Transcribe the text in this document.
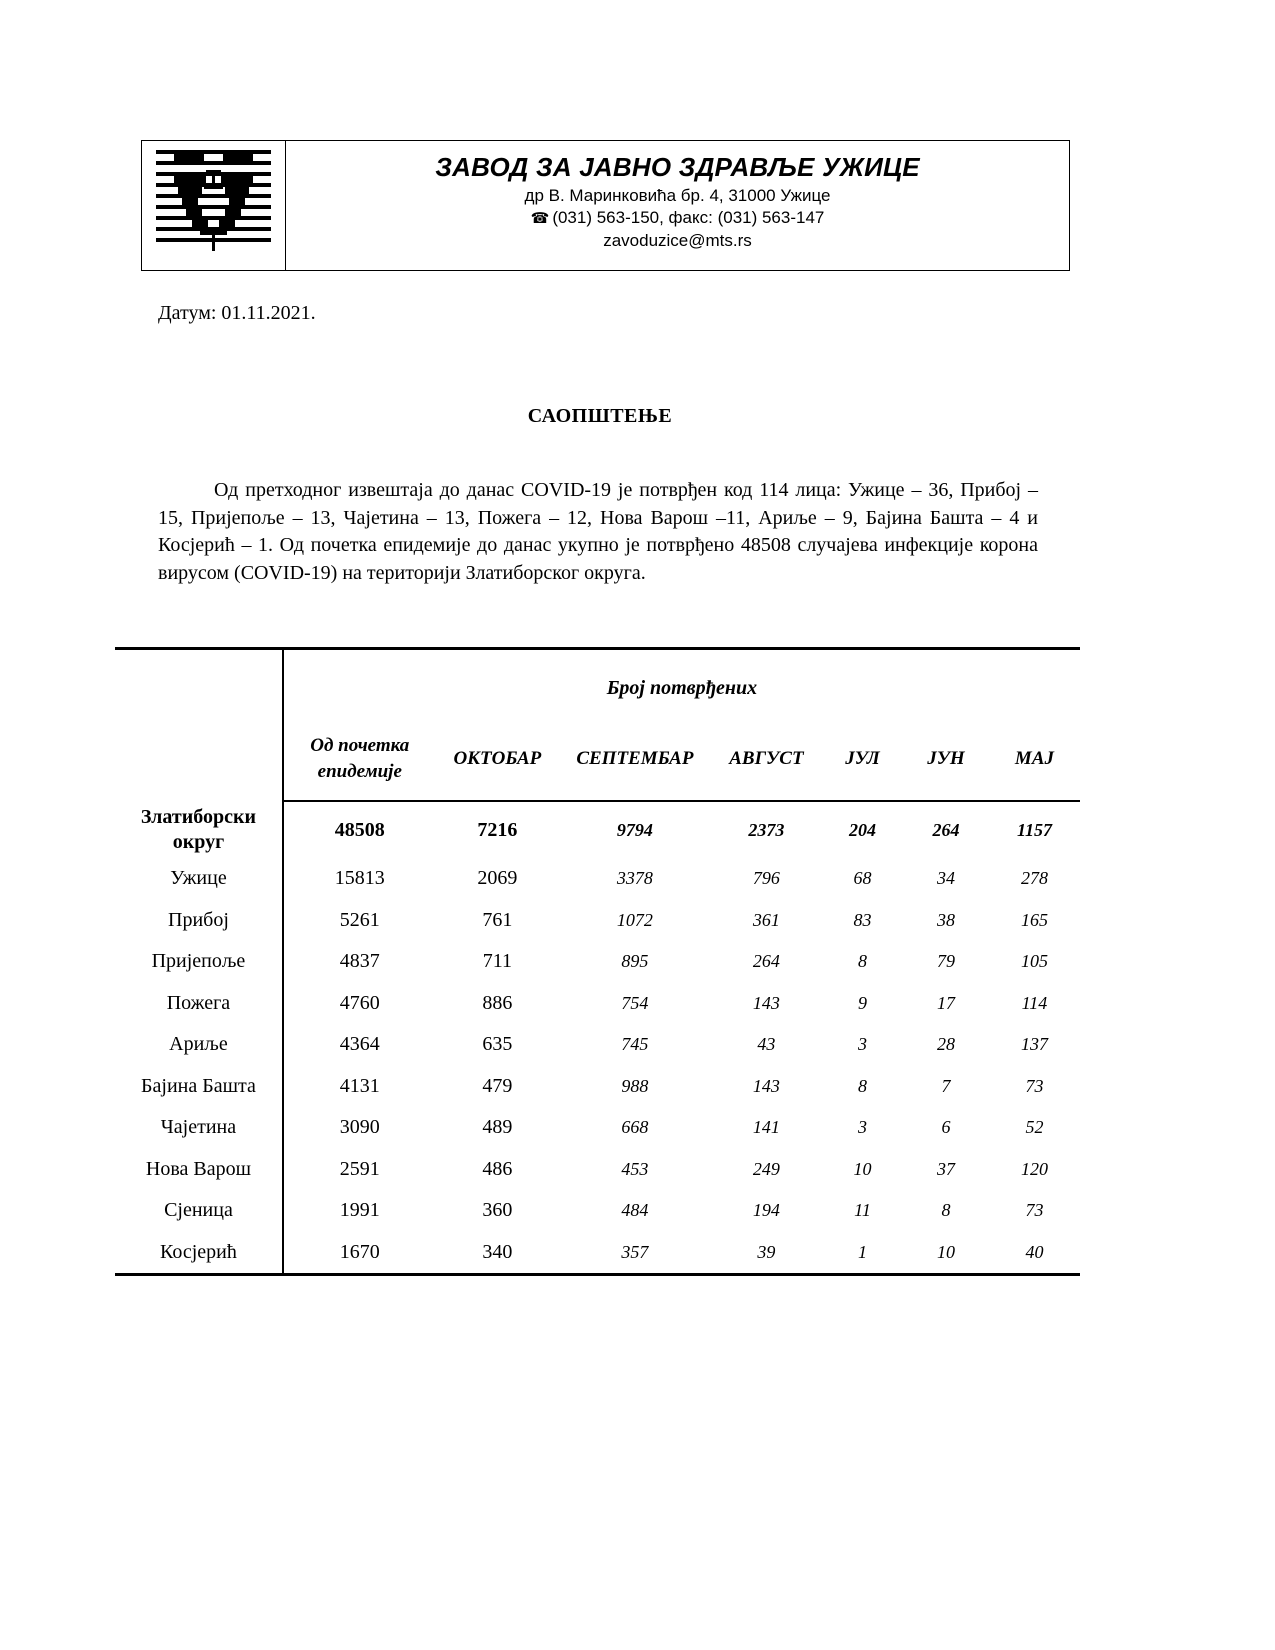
ЗАВОД ЗА ЈАВНО ЗДРАВЉЕ УЖИЦЕ
др В. Маринковића бр. 4, 31000 Ужице
☎ (031) 563-150, факс: (031) 563-147
zavoduzice@mts.rs
Датум: 01.11.2021.
САОПШТЕЊЕ
Од претходног извештаја до данас COVID-19 је потврђен код 114 лица: Ужице – 36, Прибој – 15, Пријепоље – 13, Чајетина – 13, Пожега – 12, Нова Варош –11, Ариље – 9, Бајина Башта – 4 и Косјерић – 1. Од почетка епидемије до данас укупно је потврђено 48508 случајева инфекције корона вирусом (COVID-19) на територији Златиборског округа.
	Број потврђених						
	Од почетка епидемије	ОКТОБАР	СЕПТЕМБАР	АВГУСТ	ЈУЛ	ЈУН	МАЈ
Златиборски округ	48508	7216	9794	2373	204	264	1157
Ужице	15813	2069	3378	796	68	34	278
Прибој	5261	761	1072	361	83	38	165
Пријепоље	4837	711	895	264	8	79	105
Пожега	4760	886	754	143	9	17	114
Ариље	4364	635	745	43	3	28	137
Бајина Башта	4131	479	988	143	8	7	73
Чајетина	3090	489	668	141	3	6	52
Нова Варош	2591	486	453	249	10	37	120
Сјеница	1991	360	484	194	11	8	73
Косјерић	1670	340	357	39	1	10	40
